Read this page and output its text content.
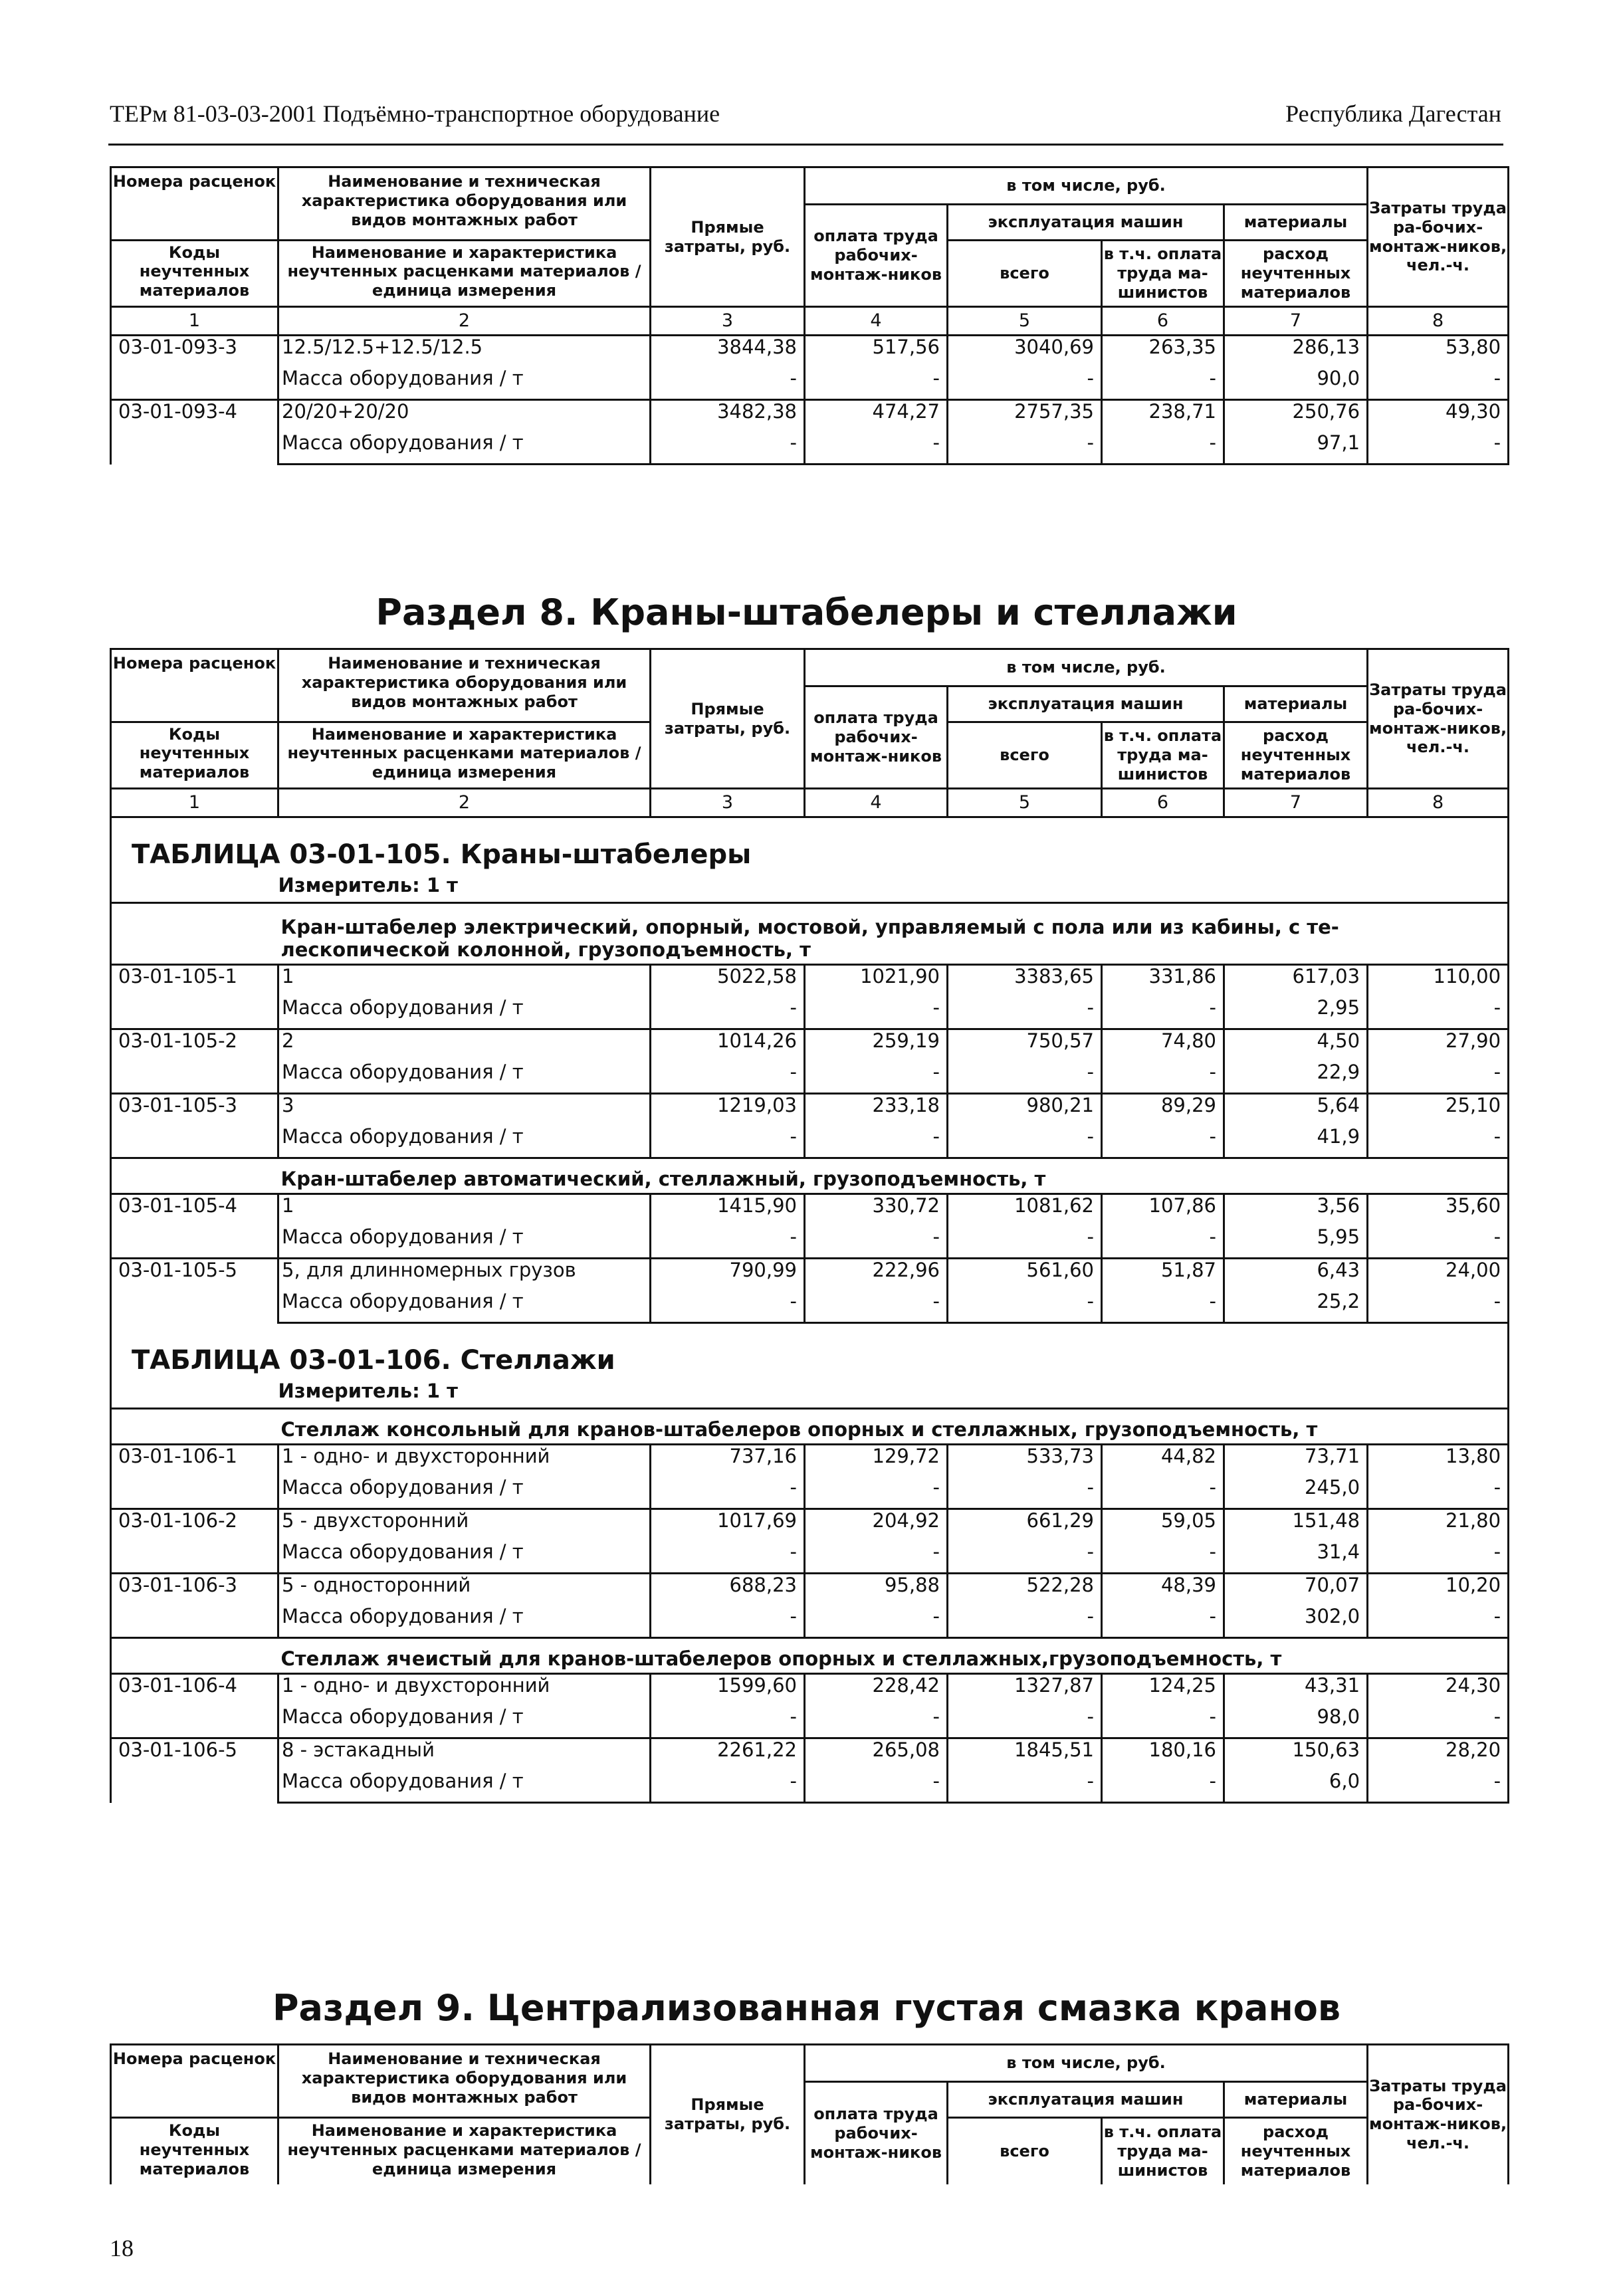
ТЕРм 81-03-03-2001 Подъёмно-транспортное оборудование	Республика Дагестан
Номера расценок	Наименование и техническая характеристика оборудования или видов монтажных работ	Прямые затраты, руб.	в том числе, руб.				Затраты труда ра-бочих-монтаж-ников, чел.-ч.
			оплата труда рабочих-монтаж-ников	эксплуатация машин		материалы	
Коды неучтенных материалов	Наименование и характеристика неучтенных расценками материалов / единица измерения			всего	в т.ч. оплата труда ма-шинистов	расход неучтенных материалов	

1	2	3	4	5	6	7	8
03-01-093-3	12.5/12.5+12.5/12.5	3844,38	517,56	3040,69	263,35	286,13	53,80
	Масса оборудования / т	-	-	-	-	90,0	-
03-01-093-4	20/20+20/20	3482,38	474,27	2757,35	238,71	250,76	49,30
	Масса оборудования / т	-	-	-	-	97,1	-
Раздел 8. Краны-штабелеры и стеллажи
Номера расценок	Наименование и техническая характеристика оборудования или видов монтажных работ	Прямые затраты, руб.	в том числе, руб.				Затраты труда ра-бочих-монтаж-ников, чел.-ч.
			оплата труда рабочих-монтаж-ников	эксплуатация машин		материалы	
Коды неучтенных материалов	Наименование и характеристика неучтенных расценками материалов / единица измерения			всего	в т.ч. оплата труда ма-шинистов	расход неучтенных материалов	

1	2	3	4	5	6	7	8
ТАБЛИЦА 03-01-105. Краны-штабелеры							
	Измеритель: 1 т						
	Кран-штабелер электрический, опорный, мостовой, управляемый с пола или из кабины, с те-лескопической колонной, грузоподъемность, т						
03-01-105-1	1	5022,58	1021,90	3383,65	331,86	617,03	110,00
	Масса оборудования / т	-	-	-	-	2,95	-
03-01-105-2	2	1014,26	259,19	750,57	74,80	4,50	27,90
	Масса оборудования / т	-	-	-	-	22,9	-
03-01-105-3	3	1219,03	233,18	980,21	89,29	5,64	25,10
	Масса оборудования / т	-	-	-	-	41,9	-
	Кран-штабелер автоматический, стеллажный, грузоподъемность, т						
03-01-105-4	1	1415,90	330,72	1081,62	107,86	3,56	35,60
	Масса оборудования / т	-	-	-	-	5,95	-
03-01-105-5	5, для длинномерных грузов	790,99	222,96	561,60	51,87	6,43	24,00
	Масса оборудования / т	-	-	-	-	25,2	-
ТАБЛИЦА 03-01-106. Стеллажи							
	Измеритель: 1 т						
	Стеллаж консольный для кранов-штабелеров опорных и стеллажных, грузоподъемность, т						
03-01-106-1	1 - одно- и двухсторонний	737,16	129,72	533,73	44,82	73,71	13,80
	Масса оборудования / т	-	-	-	-	245,0	-
03-01-106-2	5 - двухсторонний	1017,69	204,92	661,29	59,05	151,48	21,80
	Масса оборудования / т	-	-	-	-	31,4	-
03-01-106-3	5 - односторонний	688,23	95,88	522,28	48,39	70,07	10,20
	Масса оборудования / т	-	-	-	-	302,0	-
	Стеллаж ячеистый для кранов-штабелеров опорных и стеллажных,грузоподъемность, т						
03-01-106-4	1 - одно- и двухсторонний	1599,60	228,42	1327,87	124,25	43,31	24,30
	Масса оборудования / т	-	-	-	-	98,0	-
03-01-106-5	8 - эстакадный	2261,22	265,08	1845,51	180,16	150,63	28,20
	Масса оборудования / т	-	-	-	-	6,0	-
Раздел 9. Централизованная густая смазка кранов
Номера расценок	Наименование и техническая характеристика оборудования или видов монтажных работ	Прямые затраты, руб.	в том числе, руб.				Затраты труда ра-бочих-монтаж-ников, чел.-ч.
			оплата труда рабочих-монтаж-ников	эксплуатация машин		материалы	
Коды неучтенных материалов	Наименование и характеристика неучтенных расценками материалов / единица измерения			всего	в т.ч. оплата труда ма-шинистов	расход неучтенных материалов	

18
